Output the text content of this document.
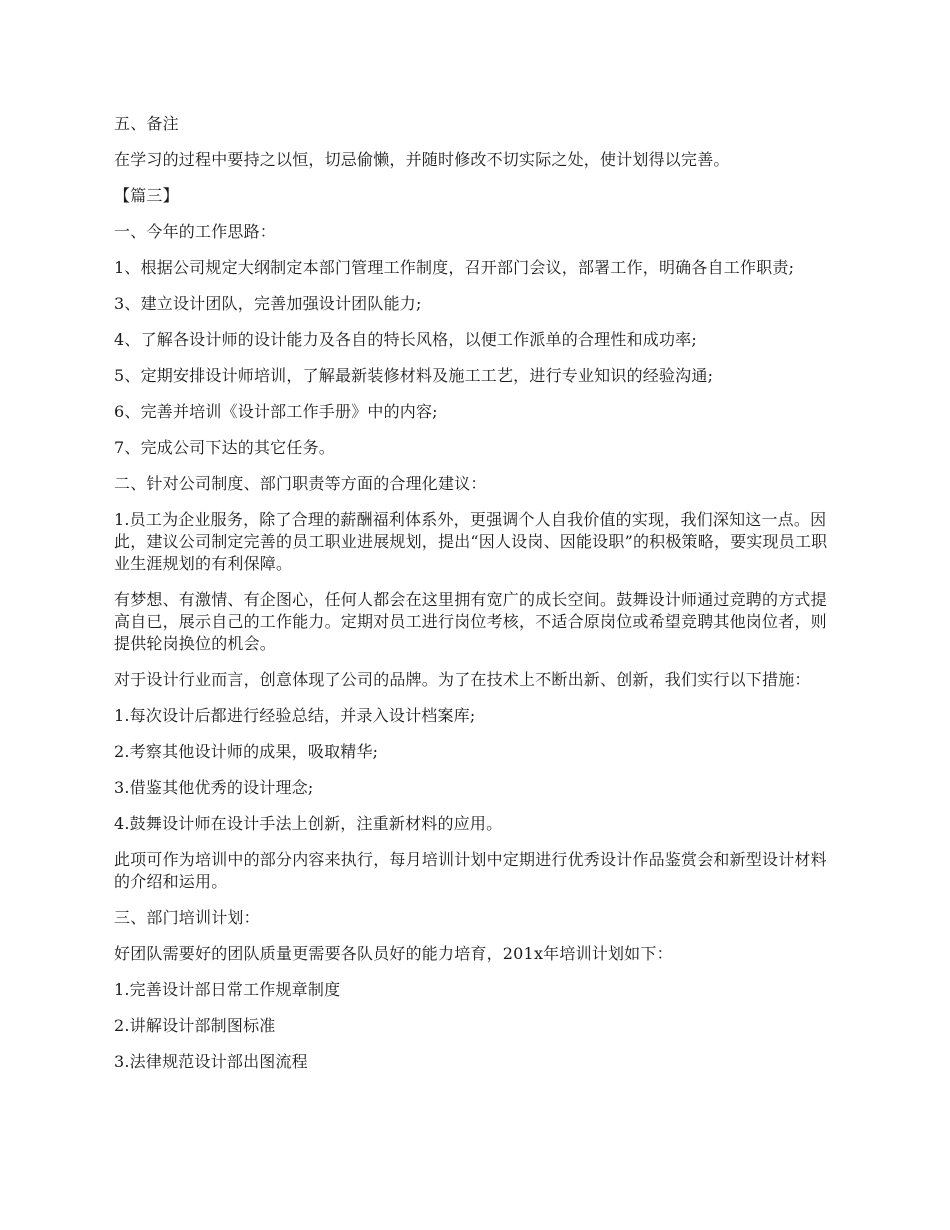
五、备注

在学习的过程中要持之以恒，切忌偷懒，并随时修改不切实际之处，使计划得以完善。

【篇三】

一、今年的工作思路：

1、根据公司规定大纲制定本部门管理工作制度，召开部门会议，部署工作，明确各自工作职责;

3、建立设计团队，完善加强设计团队能力;

4、了解各设计师的设计能力及各自的特长风格，以便工作派单的合理性和成功率;

5、定期安排设计师培训，了解最新装修材料及施工工艺，进行专业知识的经验沟通;

6、完善并培训《设计部工作手册》中的内容;

7、完成公司下达的其它任务。

二、针对公司制度、部门职责等方面的合理化建议：

1.员工为企业服务，除了合理的薪酬福利体系外，更强调个人自我价值的实现，我们深知这一点。因此，建议公司制定完善的员工职业进展规划，提出“因人设岗、因能设职”的积极策略，要实现员工职业生涯规划的有利保障。

有梦想、有激情、有企图心，任何人都会在这里拥有宽广的成长空间。鼓舞设计师通过竞聘的方式提高自已，展示自己的工作能力。定期对员工进行岗位考核，不适合原岗位或希望竞聘其他岗位者，则提供轮岗换位的机会。

对于设计行业而言，创意体现了公司的品牌。为了在技术上不断出新、创新，我们实行以下措施：

1.每次设计后都进行经验总结，并录入设计档案库;

2.考察其他设计师的成果，吸取精华;

3.借鉴其他优秀的设计理念;

4.鼓舞设计师在设计手法上创新，注重新材料的应用。

此项可作为培训中的部分内容来执行，每月培训计划中定期进行优秀设计作品鉴赏会和新型设计材料的介绍和运用。

三、部门培训计划：

好团队需要好的团队质量更需要各队员好的能力培育，201x年培训计划如下：

1.完善设计部日常工作规章制度

2.讲解设计部制图标准

3.法律规范设计部出图流程
